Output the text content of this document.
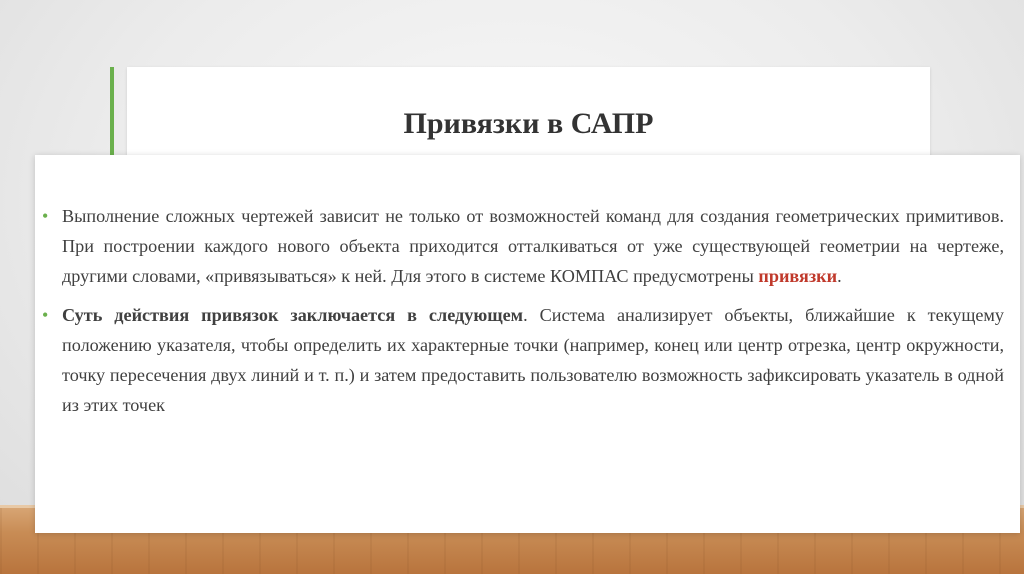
Привязки в САПР
• Выполнение сложных чертежей зависит не только от возможностей команд для создания геометрических примитивов. При построении каждого нового объекта приходится отталкиваться от уже существующей геометрии на чертеже, другими словами, «привязываться» к ней. Для этого в системе КОМПАС предусмотрены привязки.
• Суть действия привязок заключается в следующем. Система анализирует объекты, ближайшие к текущему положению указателя, чтобы определить их характерные точки (например, конец или центр отрезка, центр окружности, точку пересечения двух линий и т. п.) и затем предоставить пользователю возможность зафиксировать указатель в одной из этих точек
